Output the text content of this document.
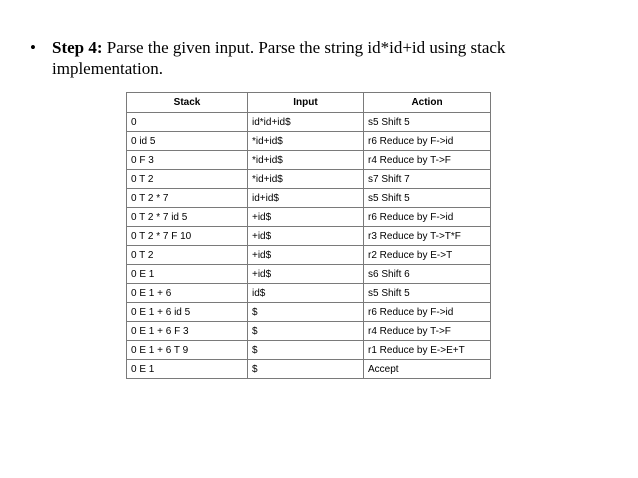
• Step 4: Parse the given input. Parse the string id*id+id using stack implementation.
Stack	Input	Action
0	id*id+id$	s5 Shift 5
0 id 5	*id+id$	r6 Reduce by F->id
0 F 3	*id+id$	r4 Reduce by T->F
0 T 2	*id+id$	s7 Shift 7
0 T 2 * 7	id+id$	s5 Shift 5
0 T 2 * 7 id 5	+id$	r6 Reduce by F->id
0 T 2 * 7 F 10	+id$	r3 Reduce by T->T*F
0 T 2	+id$	r2 Reduce by E->T
0 E 1	+id$	s6 Shift 6
0 E 1 + 6	id$	s5 Shift 5
0 E 1 + 6 id 5	$	r6 Reduce by F->id
0 E 1 + 6 F 3	$	r4 Reduce by T->F
0 E 1 + 6 T 9	$	r1 Reduce by E->E+T
0 E 1	$	Accept
